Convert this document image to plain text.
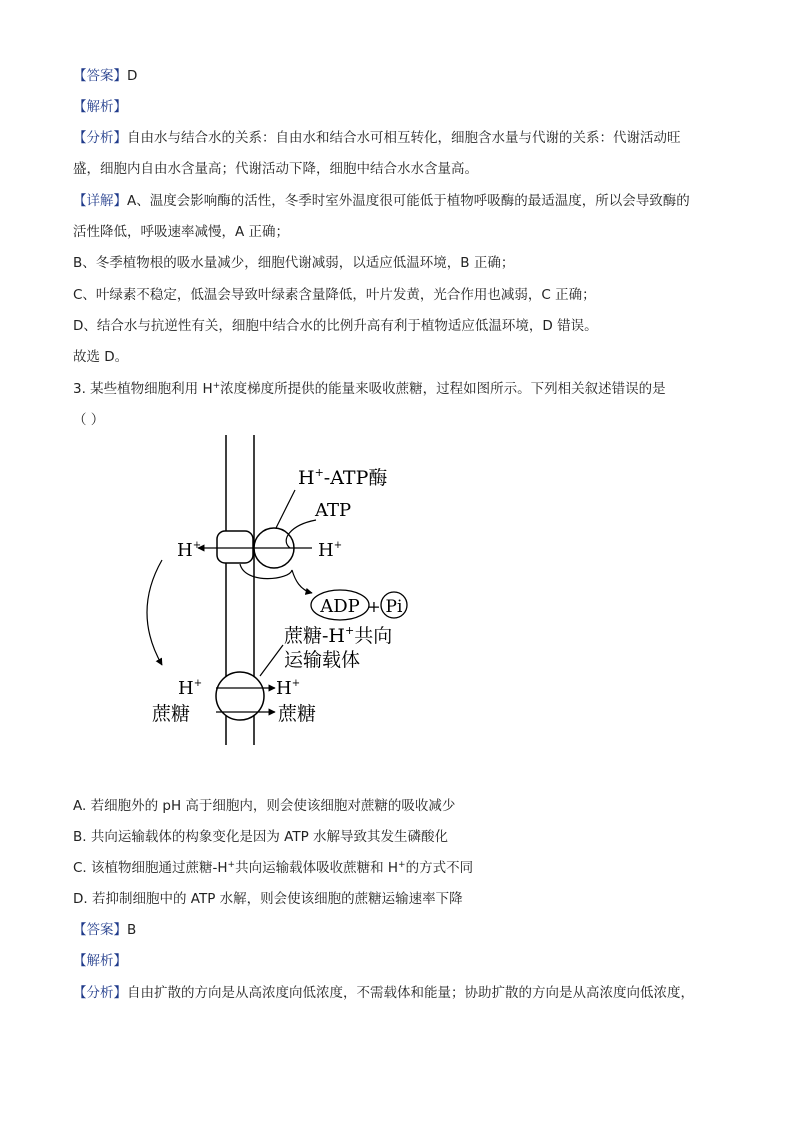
【答案】D
【解析】
【分析】自由水与结合水的关系：自由水和结合水可相互转化，细胞含水量与代谢的关系：代谢活动旺
盛，细胞内自由水含量高；代谢活动下降，细胞中结合水水含量高。
【详解】A、温度会影响酶的活性，冬季时室外温度很可能低于植物呼吸酶的最适温度，所以会导致酶的
活性降低，呼吸速率减慢，A 正确；
B、冬季植物根的吸水量减少，细胞代谢减弱，以适应低温环境，B 正确；
C、叶绿素不稳定，低温会导致叶绿素含量降低，叶片发黄，光合作用也减弱，C 正确；
D、结合水与抗逆性有关，细胞中结合水的比例升高有利于植物适应低温环境，D 错误。
故选 D。
3. 某些植物细胞利用 H+浓度梯度所提供的能量来吸收蔗糖，过程如图所示。下列相关叙述错误的是
（ ）
H+-ATP酶
ATP
H+	H+
ADP + Pi
蔗糖-H+共向
运输载体
H+	H+
蔗糖	蔗糖
A. 若细胞外的 pH 高于细胞内，则会使该细胞对蔗糖的吸收减少
B. 共向运输载体的构象变化是因为 ATP 水解导致其发生磷酸化
C. 该植物细胞通过蔗糖-H+共向运输载体吸收蔗糖和 H+的方式不同
D. 若抑制细胞中的 ATP 水解，则会使该细胞的蔗糖运输速率下降
【答案】B
【解析】
【分析】自由扩散的方向是从高浓度向低浓度，不需载体和能量；协助扩散的方向是从高浓度向低浓度，
